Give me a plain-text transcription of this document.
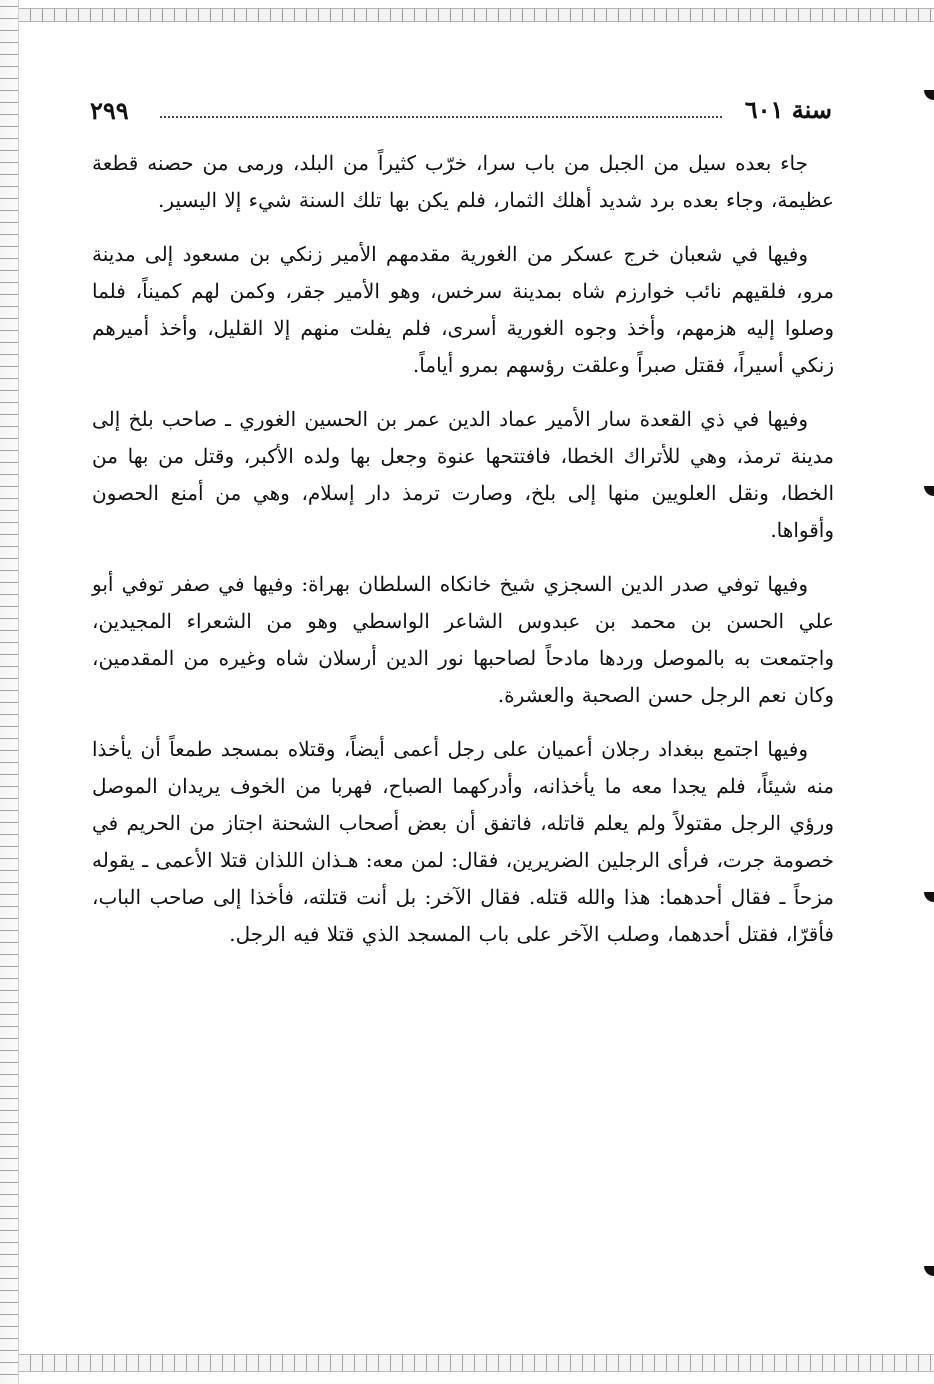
سنة ٦٠١
٢٩٩

جاء بعده سيل من الجبل من باب سرا، خرّب كثيراً من البلد، ورمى من حصنه قطعة عظيمة، وجاء بعده برد شديد أهلك الثمار، فلم يكن بها تلك السنة شيء إلا اليسير.

وفيها في شعبان خرج عسكر من الغورية مقدمهم الأمير زنكي بن مسعود إلى مدينة مرو، فلقيهم نائب خوارزم شاه بمدينة سرخس، وهو الأمير جقر، وكمن لهم كميناً، فلما وصلوا إليه هزمهم، وأخذ وجوه الغورية أسرى، فلم يفلت منهم إلا القليل، وأخذ أميرهم زنكي أسيراً، فقتل صبراً وعلقت رؤسهم بمرو أياماً.

وفيها في ذي القعدة سار الأمير عماد الدين عمر بن الحسين الغوري ـ صاحب بلخ إلى مدينة ترمذ، وهي للأتراك الخطا، فافتتحها عنوة وجعل بها ولده الأكبر، وقتل من بها من الخطا، ونقل العلويين منها إلى بلخ، وصارت ترمذ دار إسلام، وهي من أمنع الحصون وأقواها.

وفيها توفي صدر الدين السجزي شيخ خانكاه السلطان بهراة: وفيها في صفر توفي أبو علي الحسن بن محمد بن عبدوس الشاعر الواسطي وهو من الشعراء المجيدين، واجتمعت به بالموصل وردها مادحاً لصاحبها نور الدين أرسلان شاه وغيره من المقدمين، وكان نعم الرجل حسن الصحبة والعشرة.

وفيها اجتمع ببغداد رجلان أعميان على رجل أعمى أيضاً، وقتلاه بمسجد طمعاً أن يأخذا منه شيئاً، فلم يجدا معه ما يأخذانه، وأدركهما الصباح، فهربا من الخوف يريدان الموصل ورؤي الرجل مقتولاً ولم يعلم قاتله، فاتفق أن بعض أصحاب الشحنة اجتاز من الحريم في خصومة جرت، فرأى الرجلين الضريرين، فقال: لمن معه: هـذان اللذان قتلا الأعمى ـ يقوله مزحاً ـ فقال أحدهما: هذا والله قتله. فقال الآخر: بل أنت قتلته، فأخذا إلى صاحب الباب، فأقرّا، فقتل أحدهما، وصلب الآخر على باب المسجد الذي قتلا فيه الرجل.
